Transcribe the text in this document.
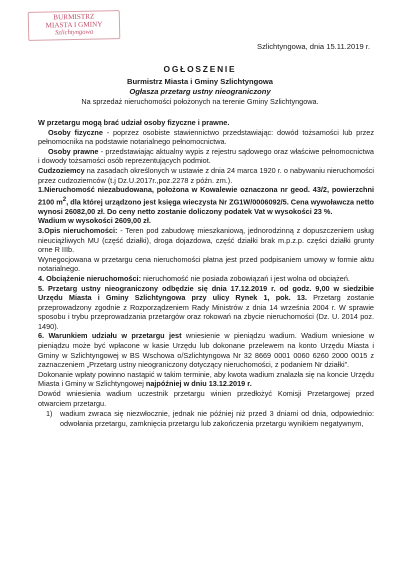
BURMISTRZ
MIASTA I GMINY
Szlichtyngowa
Szlichtyngowa, dnia 15.11.2019 r.
OGŁOSZENIE
Burmistrz Miasta i Gminy Szlichtyngowa
Ogłasza przetarg ustny nieograniczony
Na sprzedaż nieruchomości położonych na terenie Gminy Szlichtyngowa.

W przetargu mogą brać udział osoby fizyczne i prawne.

Osoby fizyczne - poprzez osobiste stawiennictwo przedstawiając: dowód tożsamości lub przez pełnomocnika na podstawie notarialnego pełnomocnictwa.

Osoby prawne - przedstawiając aktualny wypis z rejestru sądowego oraz właściwe pełnomocnictwa i dowody tożsamości osób reprezentujących podmiot.

Cudzoziemcy na zasadach określonych w ustawie z dnia 24 marca 1920 r. o nabywaniu nieruchomości przez cudzoziemców (t.j Dz.U.2017r.,poz.2278 z późn. zm.).

1.Nieruchomość niezabudowana, położona w Kowalewie oznaczona nr geod. 43/2, powierzchni 2100 $m^2$, dla której urządzono jest księga wieczysta Nr ZG1W/0006092/5. Cena wywoławcza netto wynosi 26082,00 zł. Do ceny netto zostanie doliczony podatek Vat w wysokości 23 %.

Wadium w wysokości 2609,00 zł.

3.Opis nieruchomości: - Teren pod zabudowę mieszkaniową, jednorodzinną z dopuszczeniem usług nieuciążliwych MU (część działki), droga dojazdowa, część działki brak m.p.z.p. części działki grunty orne R IIIb.

Wynegocjowana w przetargu cena nieruchomości płatna jest przed podpisaniem umowy w formie aktu notarialnego.

4. Obciążenie nieruchomości: nieruchomość nie posiada zobowiązań i jest wolna od obciążeń.

5. Przetarg ustny nieograniczony odbędzie się dnia 17.12.2019 r. od godz. 9,00 w siedzibie Urzędu Miasta i Gminy Szlichtyngowa przy ulicy Rynek 1, pok. 13. Przetarg zostanie przeprowadzony zgodnie z Rozporządzeniem Rady Ministrów z dnia 14 września 2004 r. W sprawie sposobu i trybu przeprowadzania przetargów oraz rokowań na zbycie nieruchomości (Dz. U. 2014 poz. 1490).

6. Warunkiem udziału w przetargu jest wniesienie w pieniądzu wadium. Wadium wniesione w pieniądzu może być wpłacone w kasie Urzędu lub dokonane przelewem na konto Urzędu Miasta i Gminy w Szlichtyngowej w BS Wschowa o/Szlichtyngowa Nr 32 8669 0001 0060 6260 2000 0015 z zaznaczeniem „Przetarg ustny nieograniczony dotyczący nieruchomości, z podaniem Nr działki”.

Dokonanie wpłaty powinno nastąpić w takim terminie, aby kwota wadium znalazła się na koncie Urzędu Miasta i Gminy w Szlichtyngowej najpóźniej w dniu 13.12.2019 r.

Dowód wniesienia wadium uczestnik przetargu winien przedłożyć Komisji Przetargowej przed otwarciem przetargu.

1) wadium zwraca się niezwłocznie, jednak nie później niż przed 3 dniami od dnia, odpowiednio: odwołania przetargu, zamknięcia przetargu lub zakończenia przetargu wynikiem negatywnym,
